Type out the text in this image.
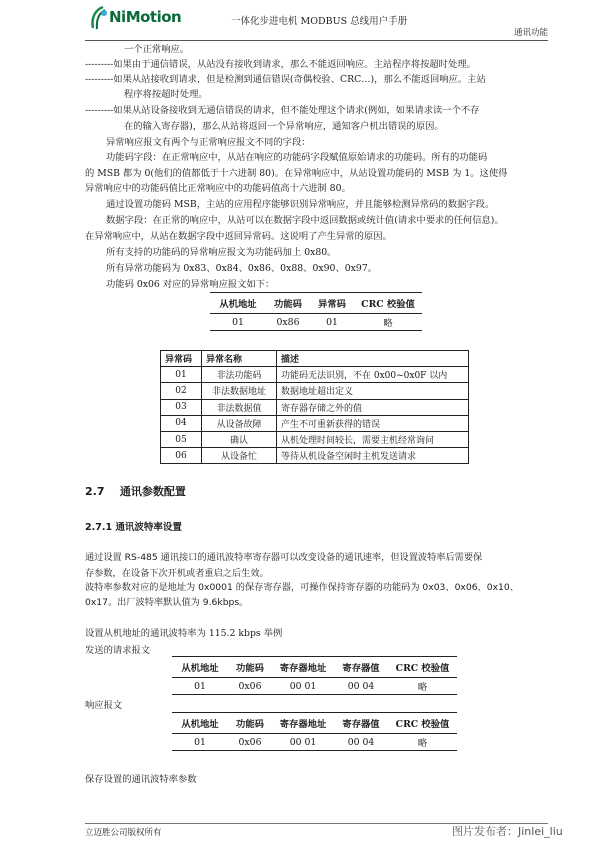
NiMotion	一体化步进电机 MODBUS 总线用户手册
通讯功能
一个正常响应。
---------如果由于通信错误，从站没有接收到请求，那么不能返回响应。主站程序将按超时处理。
---------如果从站接收到请求，但是检测到通信错误(奇偶校验、CRC…)，那么不能返回响应。主站
程序将按超时处理。
---------如果从站设备接收到无通信错误的请求，但不能处理这个请求(例如，如果请求读一个不存
在的输入寄存器)，那么从站将返回一个异常响应，通知客户机出错误的原因。
异常响应报文有两个与正常响应报文不同的字段：
功能码字段：在正常响应中，从站在响应的功能码字段赋值原始请求的功能码。所有的功能码
的 MSB 都为 0(他们的值都低于十六进制 80)。在异常响应中，从站设置功能码的 MSB 为 1。这使得
异常响应中的功能码值比正常响应中的功能码值高十六进制 80。
通过设置功能码 MSB，主站的应用程序能够识别异常响应，并且能够检测异常码的数据字段。
数据字段：在正常的响应中，从站可以在数据字段中返回数据或统计值(请求中要求的任何信息)。
在异常响应中，从站在数据字段中返回异常码。这说明了产生异常的原因。
所有支持的功能码的异常响应报文为功能码加上 0x80。
所有异常功能码为 0x83、0x84、0x86、0x88、0x90、0x97。
功能码 0x06 对应的异常响应报文如下：
从机地址	功能码	异常码	CRC 校验值
01	0x86	01	略
异常码	异常名称	描述
01	非法功能码	功能码无法识别，不在 0x00~0x0F 以内
02	非法数据地址	数据地址超出定义
03	非法数据值	寄存器存储之外的值
04	从设备故障	产生不可重新获得的错误
05	确认	从机处理时间较长，需要主机经常询问
06	从设备忙	等待从机设备空闲时主机发送请求
2.7 通讯参数配置
2.7.1 通讯波特率设置
通过设置 RS-485 通讯接口的通讯波特率寄存器可以改变设备的通讯速率，但设置波特率后需要保
存参数，在设备下次开机或者重启之后生效。
波特率参数对应的是地址为 0x0001 的保存寄存器，可操作保持寄存器的功能码为 0x03、0x06、0x10、
0x17。出厂波特率默认值为 9.6kbps。
设置从机地址的通讯波特率为 115.2 kbps 举例
发送的请求报文
从机地址	功能码	寄存器地址	寄存器值	CRC 校验值
01	0x06	00 01	00 04	略
响应报文
从机地址	功能码	寄存器地址	寄存器值	CRC 校验值
01	0x06	00 01	00 04	略
保存设置的通讯波特率参数
立迈胜公司版权所有	图片发布者：Jinlei_liu
